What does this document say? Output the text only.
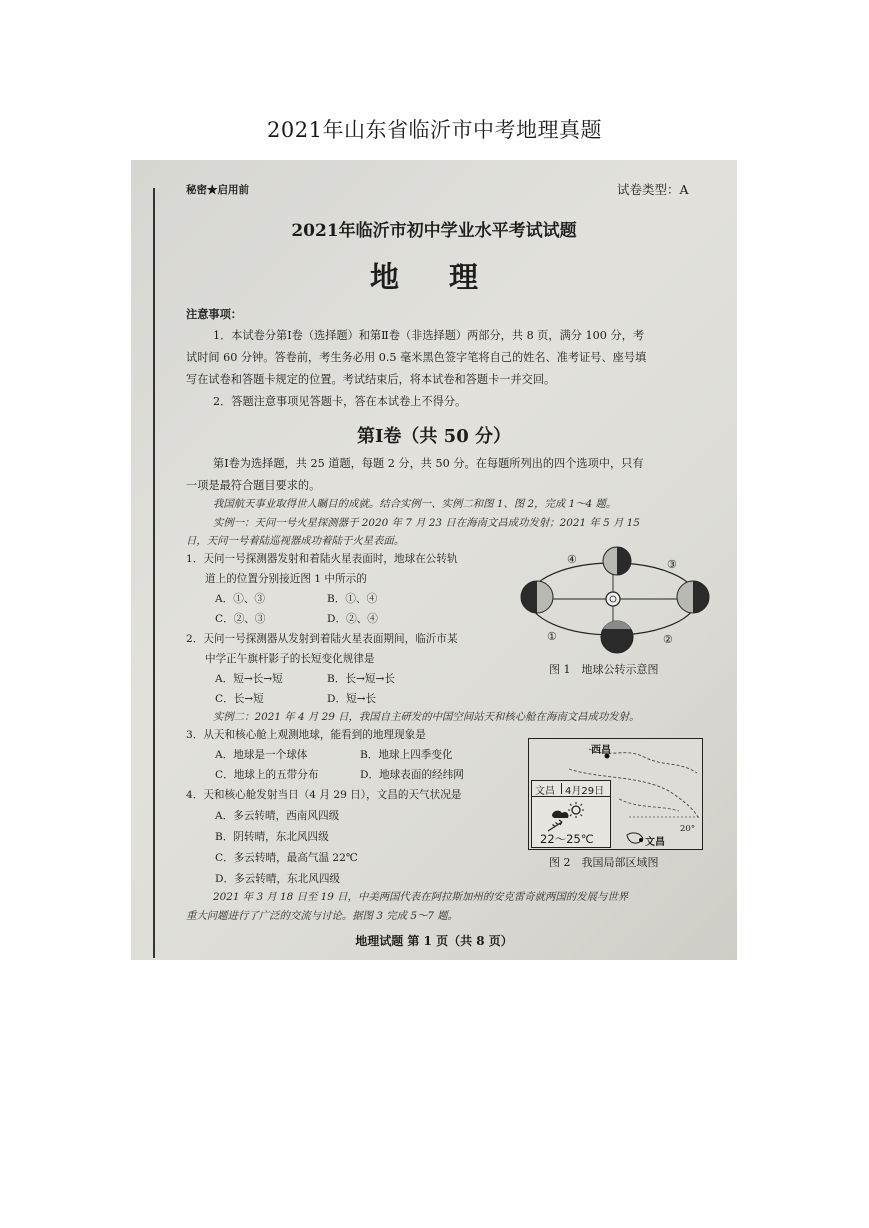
2021年山东省临沂市中考地理真题
秘密★启用前	试卷类型：A
2021年临沂市初中学业水平考试试题
地 理
注意事项：
1．本试卷分第Ⅰ卷（选择题）和第Ⅱ卷（非选择题）两部分，共 8 页，满分 100 分，考
试时间 60 分钟。答卷前，考生务必用 0.5 毫米黑色签字笔将自己的姓名、准考证号、座号填
写在试卷和答题卡规定的位置。考试结束后，将本试卷和答题卡一并交回。
2．答题注意事项见答题卡，答在本试卷上不得分。
第Ⅰ卷（共 50 分）
第Ⅰ卷为选择题，共 25 道题，每题 2 分，共 50 分。在每题所列出的四个选项中，只有
一项是最符合题目要求的。
我国航天事业取得世人瞩目的成就。结合实例一、实例二和图 1、图 2，完成 1～4 题。
实例一：天问一号火星探测器于 2020 年 7 月 23 日在海南文昌成功发射；2021 年 5 月 15
日，天问一号着陆巡视器成功着陆于火星表面。
1．天问一号探测器发射和着陆火星表面时，地球在公转轨
道上的位置分别接近图 1 中所示的
A．①、③	B．①、④
C．②、③	D．②、④
2．天问一号探测器从发射到着陆火星表面期间，临沂市某
中学正午旗杆影子的长短变化规律是
A．短→长→短	B．长→短→长
C．长→短	D．短→长
实例二：2021 年 4 月 29 日，我国自主研发的中国空间站天和核心舱在海南文昌成功发射。
3．从天和核心舱上观测地球，能看到的地理现象是
A．地球是一个球体	B．地球上四季变化
C．地球上的五带分布	D．地球表面的经纬网
4．天和核心舱发射当日（4 月 29 日），文昌的天气状况是
A．多云转晴，西南风四级
B．阴转晴，东北风四级
C．多云转晴，最高气温 22℃
D．多云转晴，东北风四级
2021 年 3 月 18 日至 19 日，中美两国代表在阿拉斯加州的安克雷奇就两国的发展与世界
重大问题进行了广泛的交流与讨论。据图 3 完成 5～7 题。
①	②
③
④
图 1　地球公转示意图
西昌
文昌 4月29日
22～25℃	文昌
20°
图 2　我国局部区域图
地理试题 第 1 页（共 8 页）
